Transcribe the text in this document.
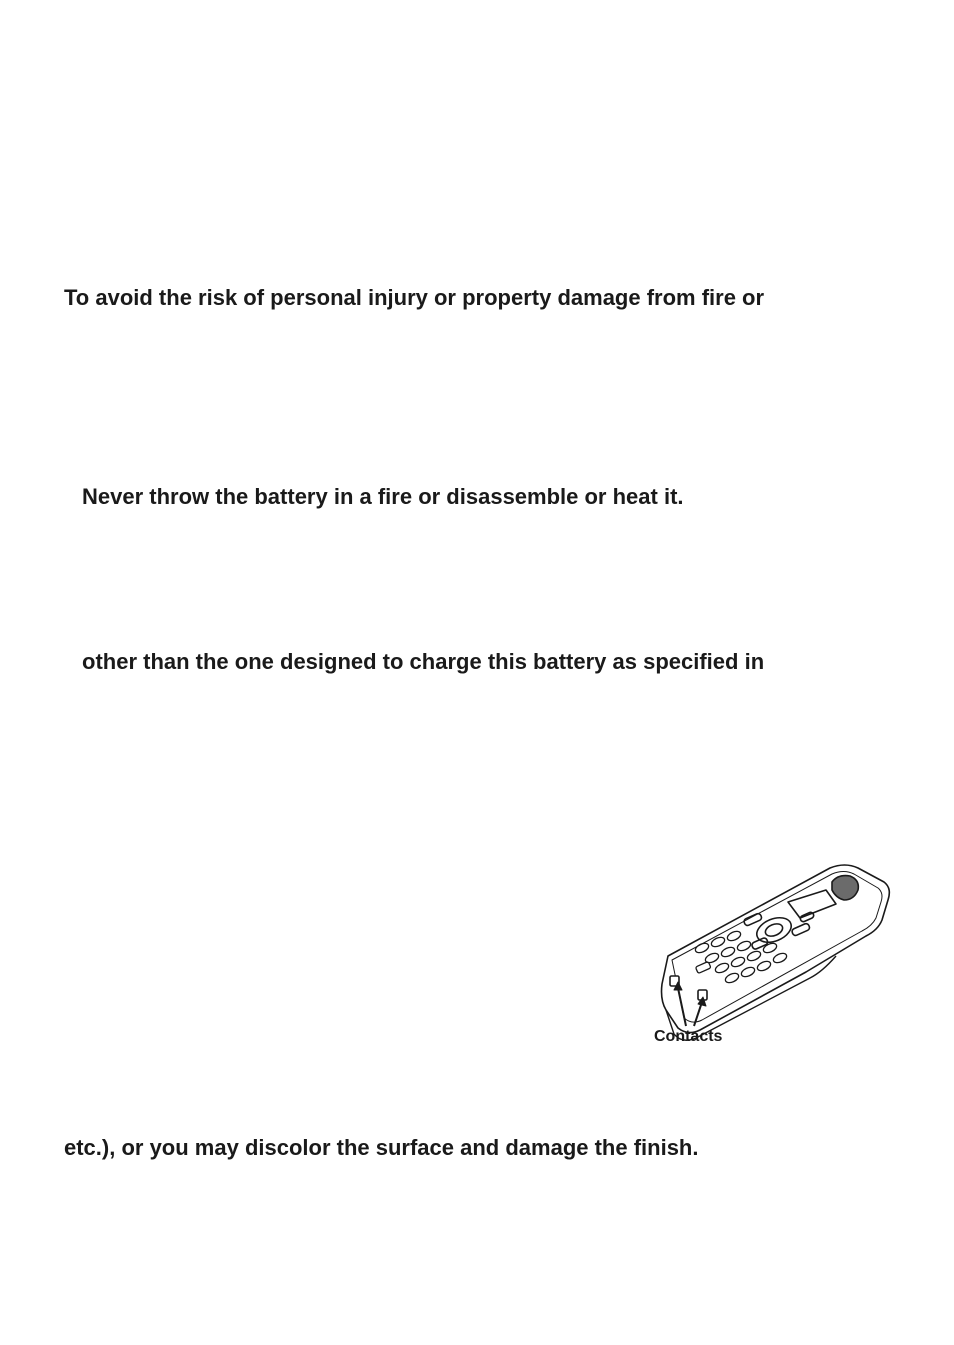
To avoid the risk of personal injury or property damage from fire or

Never throw the battery in a fire or disassemble or heat it.

other than the one designed to charge this battery as specified in

etc.), or you may discolor the surface and damage the finish.

Contacts
